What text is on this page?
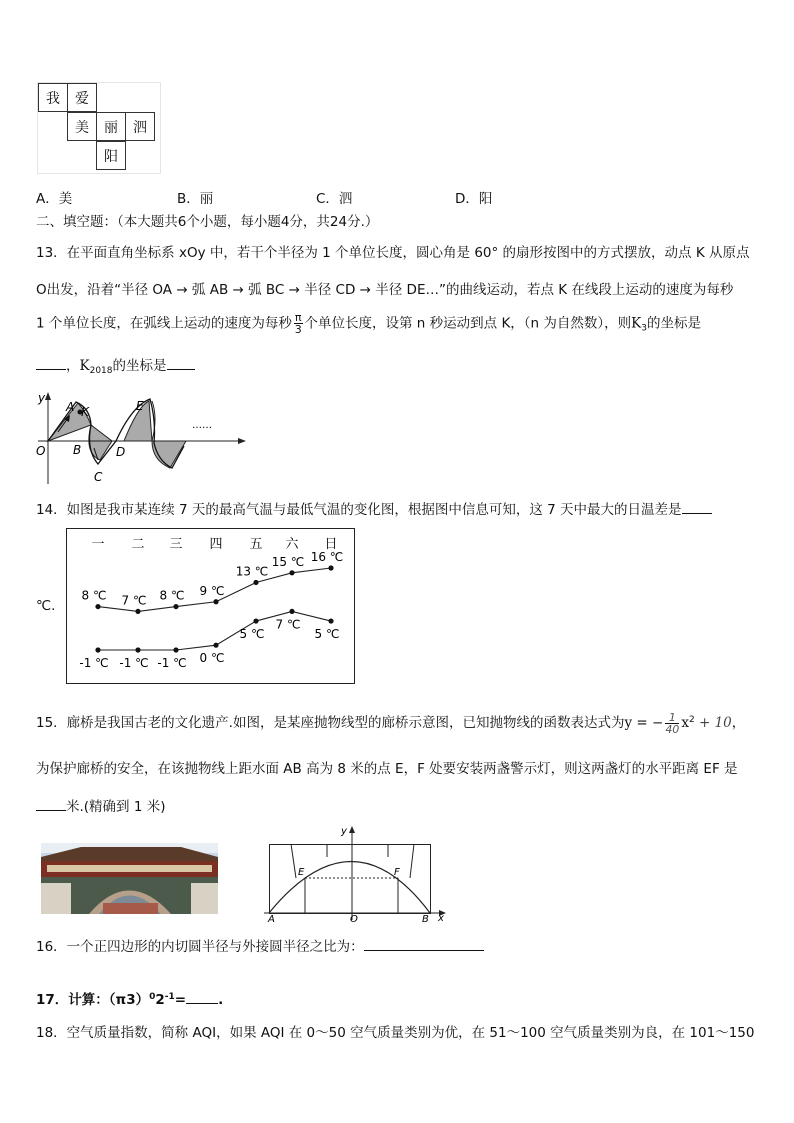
我	爱
美	丽	泗
阳
A．美	B．丽	C．泗	D．阳
二、填空题：（本大题共6个小题，每小题4分，共24分.）
13．在平面直角坐标系 xOy 中，若干个半径为 1 个单位长度，圆心角是 60° 的扇形按图中的方式摆放，动点 K 从原点
O出发，沿着“半径 OA → 弧 AB → 弧 BC → 半径 CD → 半径 DE…”的曲线运动，若点 K 在线段上运动的速度为每秒
1 个单位长度，在弧线上运动的速度为每秒 $\frac{\pi}{3}$ 个单位长度，设第 n 秒运动到点 K，（n 为自然数），则$K_3$的坐标是
，$K_{2018}$的坐标是
y
O
A K
B
C
D
E
……
14．如图是我市某连续 7 天的最高气温与最低气温的变化图，根据图中信息可知，这 7 天中最大的日温差是
℃.
一 二 三 四 五 六 日
8 ℃ 7 ℃ 8 ℃ 9 ℃
13 ℃
15 ℃ 16 ℃
-1 ℃ -1 ℃ -1 ℃ 0 ℃
5 ℃
7 ℃
5 ℃
15．廊桥是我国古老的文化遗产.如图，是某座抛物线型的廊桥示意图，已知抛物线的函数表达式为y = − $\frac{1}{40} x^2 + 10$，
为保护廊桥的安全，在该抛物线上距水面 AB 高为 8 米的点 E，F 处要安装两盏警示灯，则这两盏灯的水平距离 EF 是
米.(精确到 1 米)
y
x
A	B
O
E	F
16．一个正四边形的内切圆半径与外接圆半径之比为：
17．计算：$(\pi 3)^02^{-1}=$ .
18．空气质量指数，简称 AQI，如果 AQI 在 0～50 空气质量类别为优，在 51～100 空气质量类别为良，在 101～150
